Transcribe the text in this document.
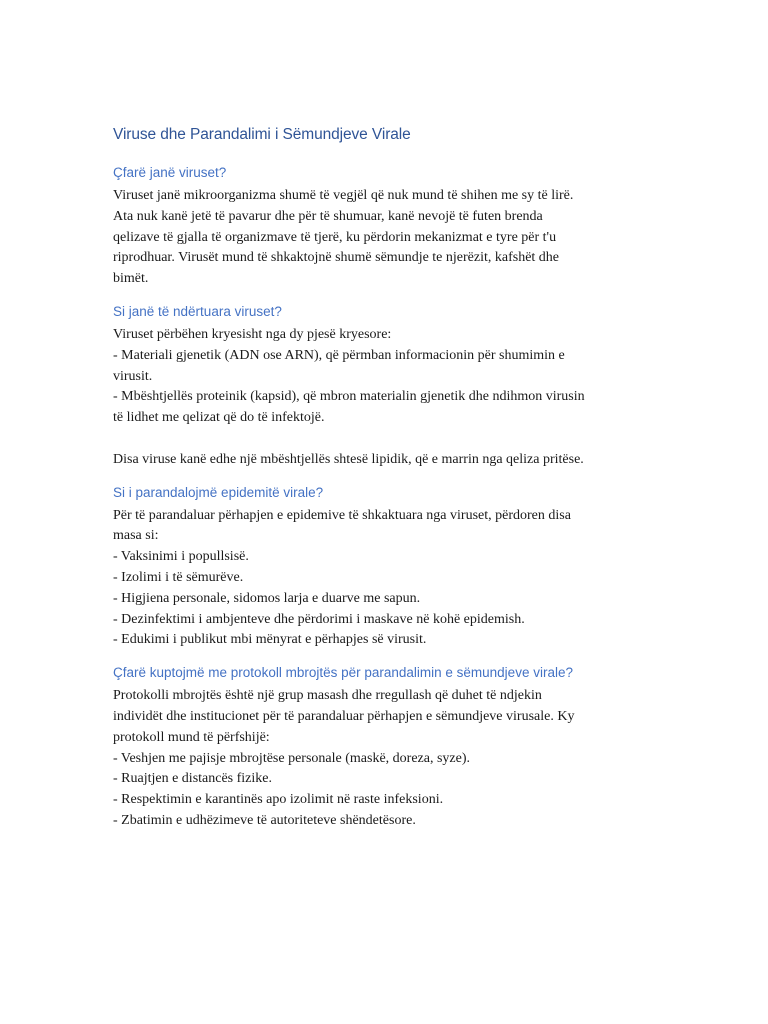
Viruse dhe Parandalimi i Sëmundjeve Virale
Çfarë janë viruset?
Viruset janë mikroorganizma shumë të vegjël që nuk mund të shihen me sy të lirë.
Ata nuk kanë jetë të pavarur dhe për të shumuar, kanë nevojë të futen brenda
qelizave të gjalla të organizmave të tjerë, ku përdorin mekanizmat e tyre për t'u
riprodhuar. Virusët mund të shkaktojnë shumë sëmundje te njerëzit, kafshët dhe
bimët.
Si janë të ndërtuara viruset?
Viruset përbëhen kryesisht nga dy pjesë kryesore:
- Materiali gjenetik (ADN ose ARN), që përmban informacionin për shumimin e
virusit.
- Mbështjellës proteinik (kapsid), që mbron materialin gjenetik dhe ndihmon virusin
të lidhet me qelizat që do të infektojë.
Disa viruse kanë edhe një mbështjellës shtesë lipidik, që e marrin nga qeliza pritëse.
Si i parandalojmë epidemitë virale?
Për të parandaluar përhapjen e epidemive të shkaktuara nga viruset, përdoren disa
masa si:
- Vaksinimi i popullsisë.
- Izolimi i të sëmurëve.
- Higjiena personale, sidomos larja e duarve me sapun.
- Dezinfektimi i ambjenteve dhe përdorimi i maskave në kohë epidemish.
- Edukimi i publikut mbi mënyrat e përhapjes së virusit.
Çfarë kuptojmë me protokoll mbrojtës për parandalimin e sëmundjeve virale?
Protokolli mbrojtës është një grup masash dhe rregullash që duhet të ndjekin
individët dhe institucionet për të parandaluar përhapjen e sëmundjeve virusale. Ky
protokoll mund të përfshijë:
- Veshjen me pajisje mbrojtëse personale (maskë, doreza, syze).
- Ruajtjen e distancës fizike.
- Respektimin e karantinës apo izolimit në raste infeksioni.
- Zbatimin e udhëzimeve të autoriteteve shëndetësore.
